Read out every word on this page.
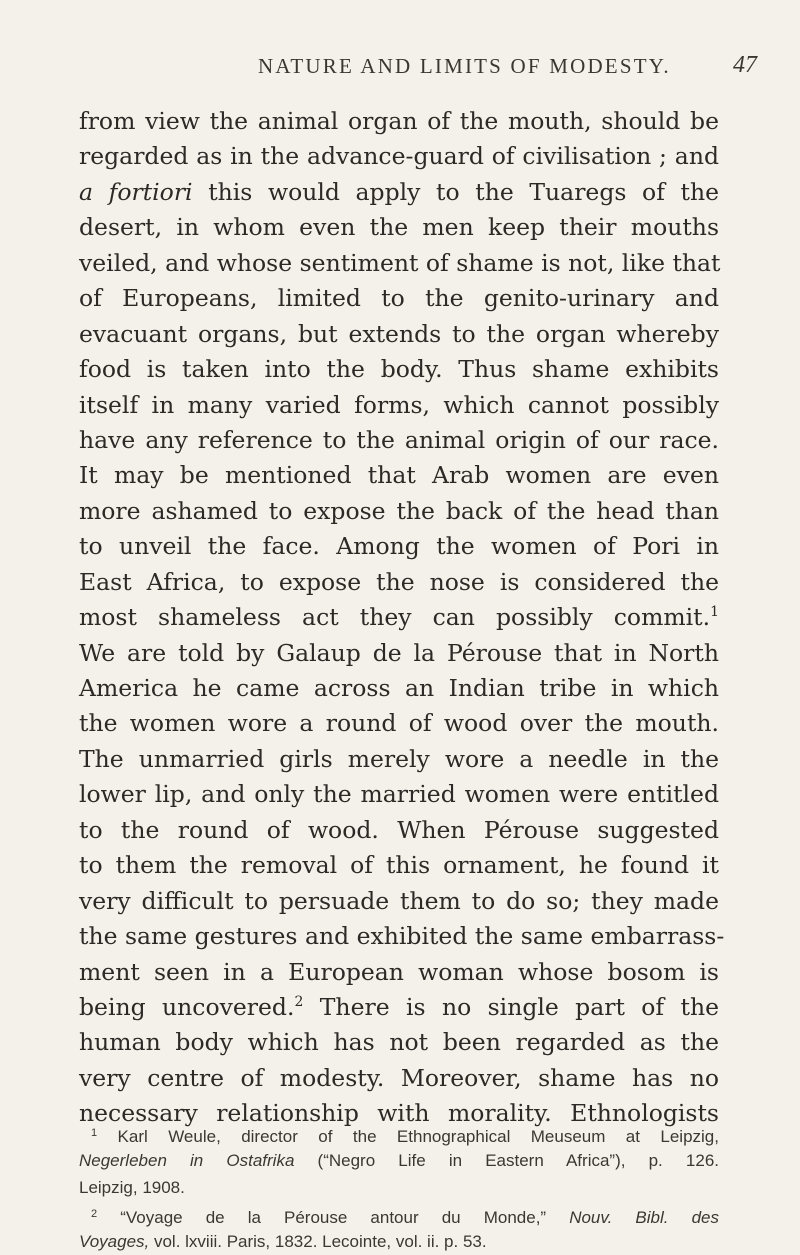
NATURE AND LIMITS OF MODESTY.	47
from view the animal organ of the mouth, should be
regarded as in the advance-guard of civilisation ; and
a fortiori this would apply to the Tuaregs of the
desert, in whom even the men keep their mouths
veiled, and whose sentiment of shame is not, like that
of Europeans, limited to the genito-urinary and
evacuant organs, but extends to the organ whereby
food is taken into the body. Thus shame exhibits
itself in many varied forms, which cannot possibly
have any reference to the animal origin of our race.
It may be mentioned that Arab women are even
more ashamed to expose the back of the head than
to unveil the face. Among the women of Pori in
East Africa, to expose the nose is considered the
most shameless act they can possibly commit.$^1$
We are told by Galaup de la Pérouse that in North
America he came across an Indian tribe in which
the women wore a round of wood over the mouth.
The unmarried girls merely wore a needle in the
lower lip, and only the married women were entitled
to the round of wood. When Pérouse suggested
to them the removal of this ornament, he found it
very difficult to persuade them to do so; they made
the same gestures and exhibited the same embarrass-
ment seen in a European woman whose bosom is
being uncovered.$^2$ There is no single part of the
human body which has not been regarded as the
very centre of modesty. Moreover, shame has no
necessary relationship with morality. Ethnologists
$^1$ Karl Weule, director of the Ethnographical Meuseum at Leipzig,
Negerleben in Ostafrika (“Negro Life in Eastern Africa”), p. 126.
Leipzig, 1908.
$^2$ “Voyage de la Pérouse antour du Monde,” Nouv. Bibl. des
Voyages, vol. lxviii. Paris, 1832. Lecointe, vol. ii. p. 53.
